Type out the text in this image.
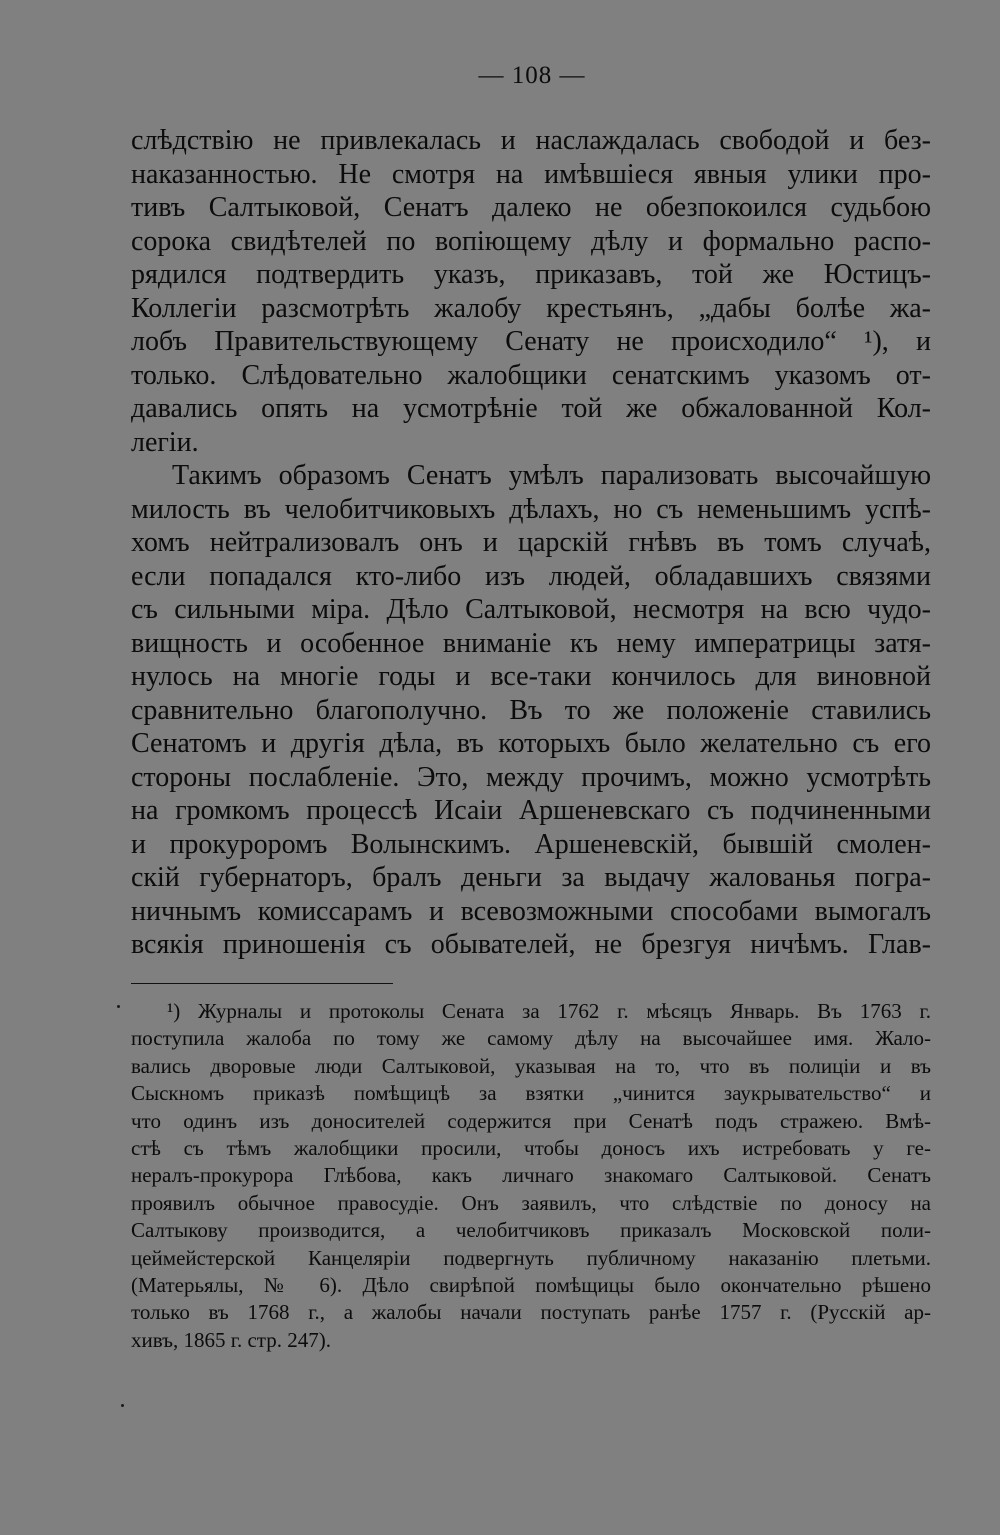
— 108 —
слѣдствію не привлекалась и наслаждалась свободой и без-
наказанностью. Не смотря на имѣвшіеся явныя улики про-
тивъ Салтыковой, Сенатъ далеко не обезпокоился судьбою
сорока свидѣтелей по вопіющему дѣлу и формально распо-
рядился подтвердить указъ, приказавъ, той же Юстицъ-
Коллегіи разсмотрѣть жалобу крестьянъ, „дабы болѣе жа-
лобъ Правительствующему Сенату не происходило“ ¹), и
только. Слѣдовательно жалобщики сенатскимъ указомъ от-
давались опять на усмотрѣніе той же обжалованной Кол-
легіи.
Такимъ образомъ Сенатъ умѣлъ парализовать высочайшую
милость въ челобитчиковыхъ дѣлахъ, но съ неменьшимъ успѣ-
хомъ нейтрализовалъ онъ и царскій гнѣвъ въ томъ случаѣ,
если попадался кто-либо изъ людей, обладавшихъ связями
съ сильными міра. Дѣло Салтыковой, несмотря на всю чудо-
вищность и особенное вниманіе къ нему императрицы затя-
нулось на многіе годы и все-таки кончилось для виновной
сравнительно благополучно. Въ то же положеніе ставились
Сенатомъ и другія дѣла, въ которыхъ было желательно съ его
стороны послабленіе. Это, между прочимъ, можно усмотрѣть
на громкомъ процессѣ Исаіи Аршеневскаго съ подчиненными
и прокуроромъ Волынскимъ. Аршеневскій, бывшій смолен-
скій губернаторъ, бралъ деньги за выдачу жалованья погра-
ничнымъ комиссарамъ и всевозможными способами вымогалъ
всякія приношенія съ обывателей, не брезгуя ничѣмъ. Глав-
¹) Журналы и протоколы Сената за 1762 г. мѣсяцъ Январь. Въ 1763 г.
поступила жалоба по тому же самому дѣлу на высочайшее имя. Жало-
вались дворовые люди Салтыковой, указывая на то, что въ полиціи и въ
Сыскномъ приказѣ помѣщицѣ за взятки „чинится заукрывательство“ и
что одинъ изъ доносителей содержится при Сенатѣ подъ стражею. Вмѣ-
стѣ съ тѣмъ жалобщики просили, чтобы доносъ ихъ истребовать у ге-
нералъ-прокурора Глѣбова, какъ личнаго знакомаго Салтыковой. Сенатъ
проявилъ обычное правосудіе. Онъ заявилъ, что слѣдствіе по доносу на
Салтыкову производится, а челобитчиковъ приказалъ Московской поли-
цеймейстерской Канцеляріи подвергнуть публичному наказанію плетьми.
(Матерьялы, № 6). Дѣло свирѣпой помѣщицы было окончательно рѣшено
только въ 1768 г., а жалобы начали поступать ранѣе 1757 г. (Русскій ар-
хивъ, 1865 г. стр. 247).
